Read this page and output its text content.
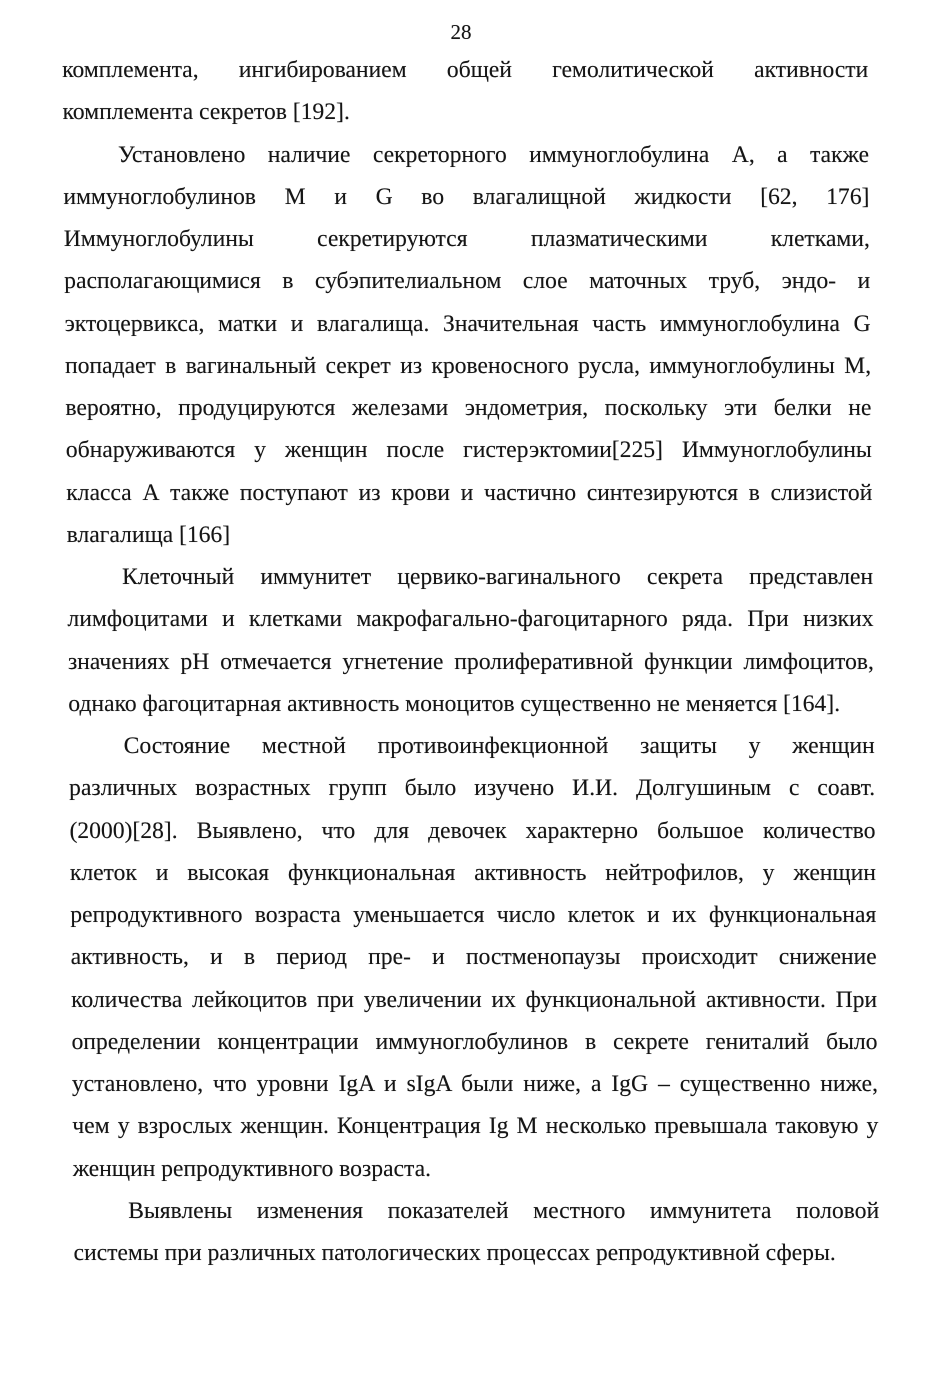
28
комплемента, ингибированием общей гемолитической активности
комплемента секретов [192].
Установлено наличие секреторного иммуноглобулина А, а также
иммуноглобулинов М и G во влагалищной жидкости [62, 176]
Иммуноглобулины секретируются плазматическими клетками,
располагающимися в субэпителиальном слое маточных труб, эндо- и
эктоцервикса, матки и влагалища. Значительная часть иммуноглобулина G
попадает в вагинальный секрет из кровеносного русла, иммуноглобулины М,
вероятно, продуцируются железами эндометрия, поскольку эти белки не
обнаруживаются у женщин после гистерэктомии[225] Иммуноглобулины
класса А также поступают из крови и частично синтезируются в слизистой
влагалища [166]
Клеточный иммунитет цервико-вагинального секрета представлен
лимфоцитами и клетками макрофагально-фагоцитарного ряда. При низких
значениях рН отмечается угнетение пролиферативной функции лимфоцитов,
однако фагоцитарная активность моноцитов существенно не меняется [164].
Состояние местной противоинфекционной защиты у женщин
различных возрастных групп было изучено И.И. Долгушиным с соавт.
(2000)[28]. Выявлено, что для девочек характерно большое количество
клеток и высокая функциональная активность нейтрофилов, у женщин
репродуктивного возраста уменьшается число клеток и их функциональная
активность, и в период пре- и постменопаузы происходит снижение
количества лейкоцитов при увеличении их функциональной активности. При
определении концентрации иммуноглобулинов в секрете гениталий было
установлено, что уровни IgA и sIgA были ниже, а IgG – существенно ниже,
чем у взрослых женщин. Концентрация Ig М несколько превышала таковую у
женщин репродуктивного возраста.
Выявлены изменения показателей местного иммунитета половой
системы при различных патологических процессах репродуктивной сферы.
